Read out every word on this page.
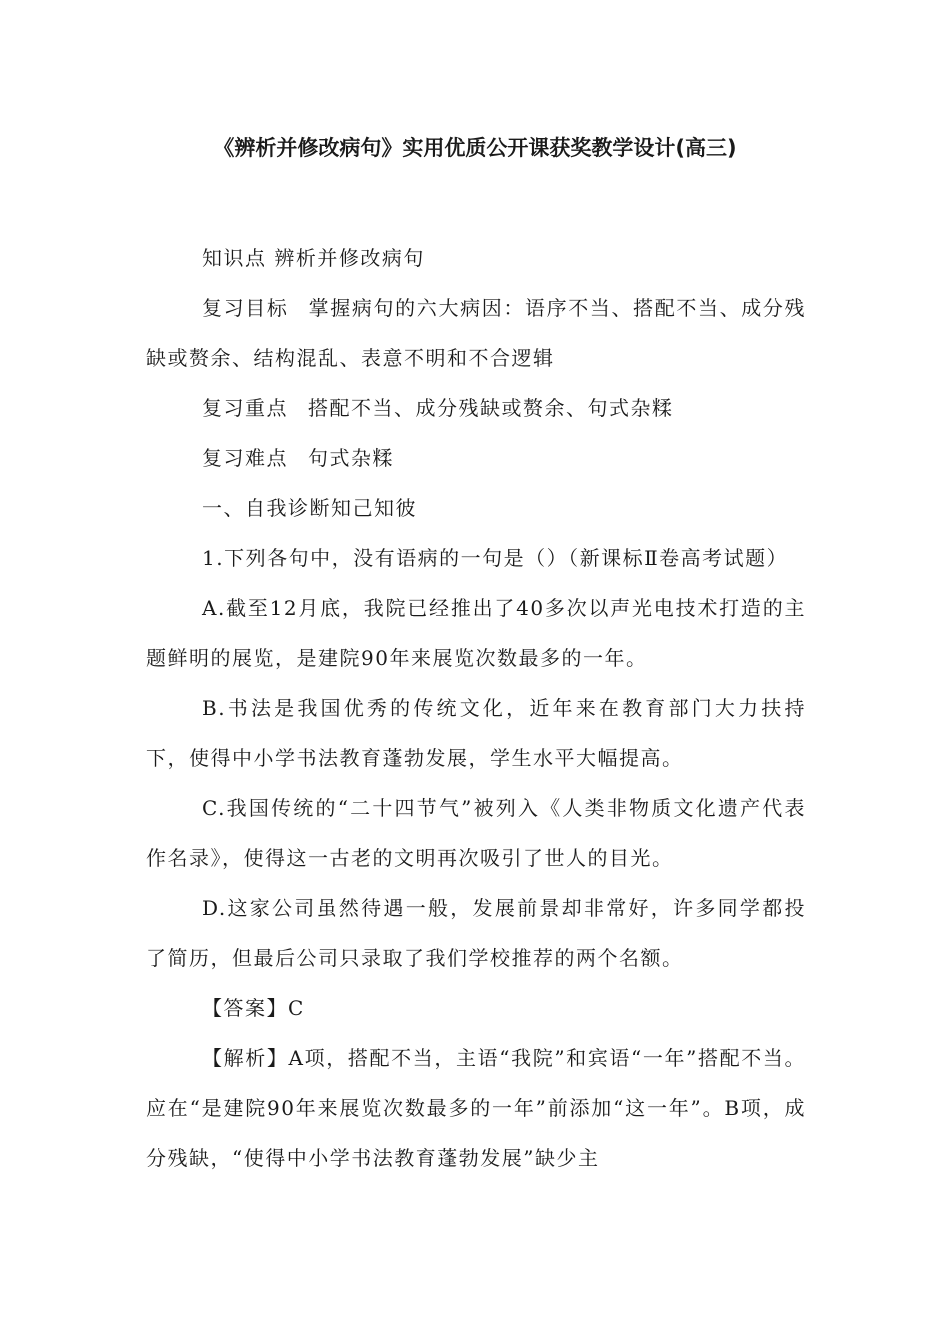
《辨析并修改病句》实用优质公开课获奖教学设计(高三)

知识点 辨析并修改病句

复习目标 掌握病句的六大病因：语序不当、搭配不当、成分残缺或赘余、结构混乱、表意不明和不合逻辑

复习重点 搭配不当、成分残缺或赘余、句式杂糅

复习难点 句式杂糅

一、自我诊断知己知彼

1.下列各句中，没有语病的一句是（）（新课标Ⅱ卷高考试题）

A.截至12月底，我院已经推出了40多次以声光电技术打造的主题鲜明的展览，是建院90年来展览次数最多的一年。

B.书法是我国优秀的传统文化，近年来在教育部门大力扶持下，使得中小学书法教育蓬勃发展，学生水平大幅提高。

C.我国传统的“二十四节气”被列入《人类非物质文化遗产代表作名录》，使得这一古老的文明再次吸引了世人的目光。

D.这家公司虽然待遇一般，发展前景却非常好，许多同学都投了简历，但最后公司只录取了我们学校推荐的两个名额。

【答案】C

【解析】A项，搭配不当，主语“我院”和宾语“一年”搭配不当。应在“是建院90年来展览次数最多的一年”前添加“这一年”。B项，成分残缺，“使得中小学书法教育蓬勃发展”缺少主
